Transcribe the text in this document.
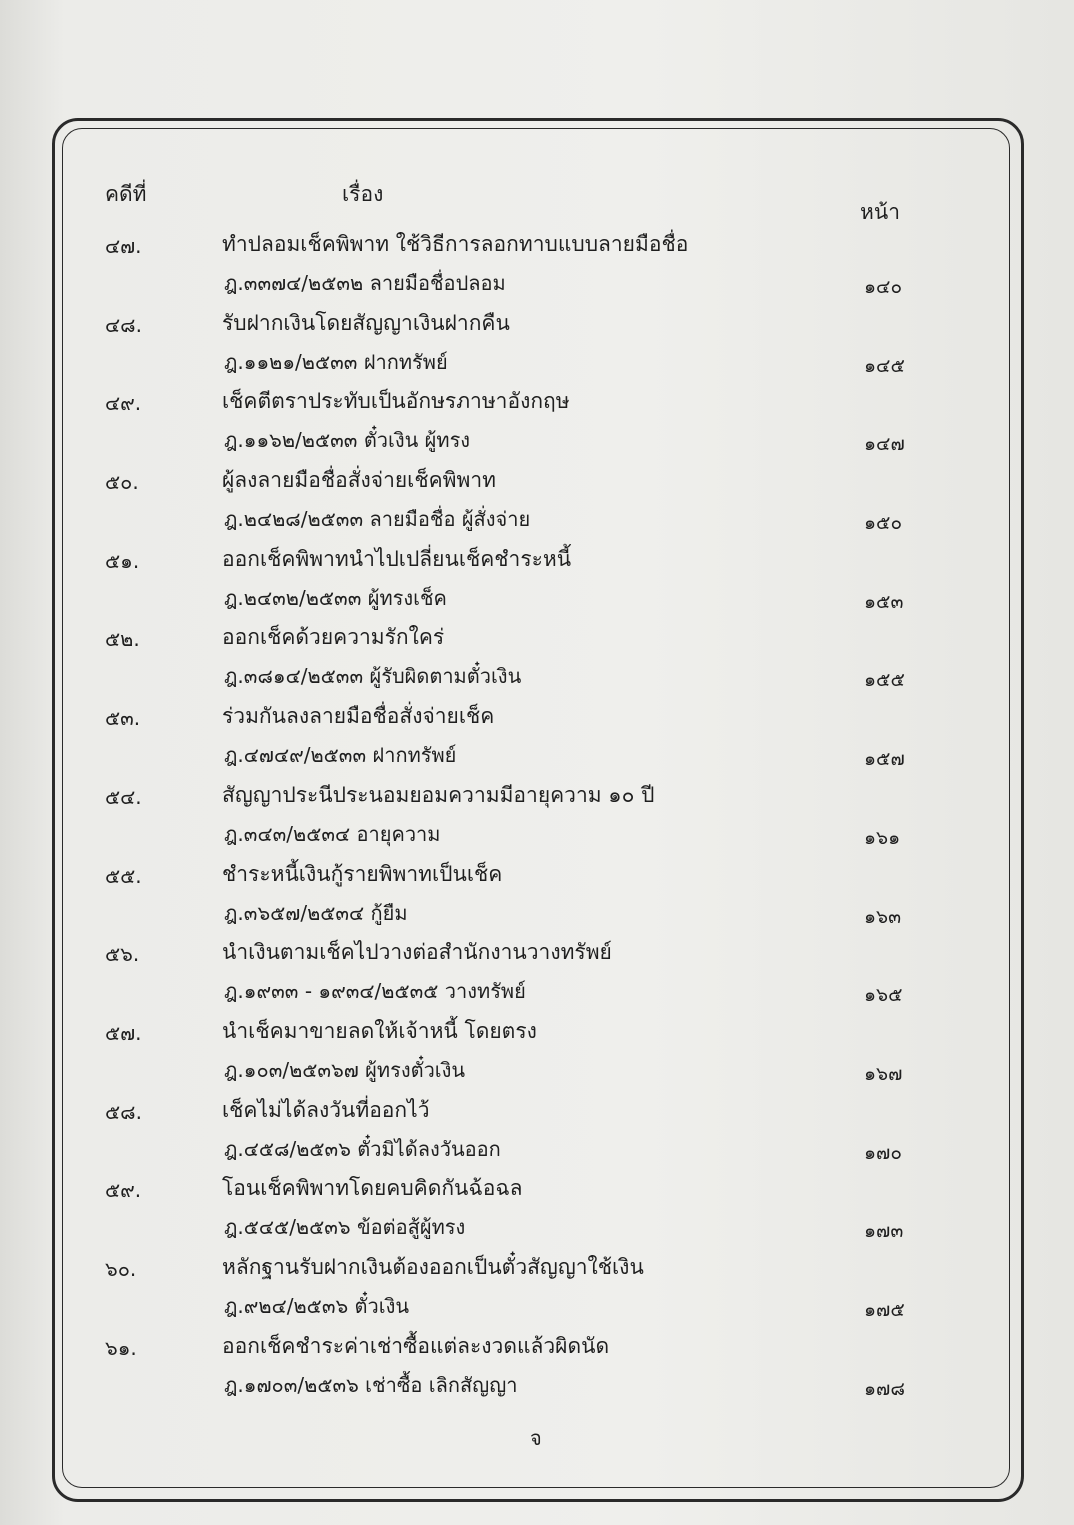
คดีที่	เรื่อง
หน้า
๔๗.	ทำปลอมเช็คพิพาท ใช้วิธีการลอกทาบแบบลายมือชื่อ
ฎ.๓๓๗๔/๒๕๓๒ ลายมือชื่อปลอม	๑๔๐
๔๘.	รับฝากเงินโดยสัญญาเงินฝากคืน
ฎ.๑๑๒๑/๒๕๓๓ ฝากทรัพย์	๑๔๕
๔๙.	เช็คตีตราประทับเป็นอักษรภาษาอังกฤษ
ฎ.๑๑๖๒/๒๕๓๓ ตั๋วเงิน ผู้ทรง	๑๔๗
๕๐.	ผู้ลงลายมือชื่อสั่งจ่ายเช็คพิพาท
ฎ.๒๔๒๘/๒๕๓๓ ลายมือชื่อ ผู้สั่งจ่าย	๑๕๐
๕๑.	ออกเช็คพิพาทนำไปเปลี่ยนเช็คชำระหนี้
ฎ.๒๔๓๒/๒๕๓๓ ผู้ทรงเช็ค	๑๕๓
๕๒.	ออกเช็คด้วยความรักใคร่
ฎ.๓๘๑๔/๒๕๓๓ ผู้รับผิดตามตั๋วเงิน	๑๕๕
๕๓.	ร่วมกันลงลายมือชื่อสั่งจ่ายเช็ค
ฎ.๔๗๔๙/๒๕๓๓ ฝากทรัพย์	๑๕๗
๕๔.	สัญญาประนีประนอมยอมความมีอายุความ ๑๐ ปี
ฎ.๓๔๓/๒๕๓๔ อายุความ	๑๖๑
๕๕.	ชำระหนี้เงินกู้รายพิพาทเป็นเช็ค
ฎ.๓๖๕๗/๒๕๓๔ กู้ยืม	๑๖๓
๕๖.	นำเงินตามเช็คไปวางต่อสำนักงานวางทรัพย์
ฎ.๑๙๓๓ - ๑๙๓๔/๒๕๓๕ วางทรัพย์	๑๖๕
๕๗.	นำเช็คมาขายลดให้เจ้าหนี้ โดยตรง
ฎ.๑๐๓/๒๕๓๖๗ ผู้ทรงตั๋วเงิน	๑๖๗
๕๘.	เช็คไม่ได้ลงวันที่ออกไว้
ฎ.๔๕๘/๒๕๓๖ ตั๋วมิได้ลงวันออก	๑๗๐
๕๙.	โอนเช็คพิพาทโดยคบคิดกันฉ้อฉล
ฎ.๕๔๕/๒๕๓๖ ข้อต่อสู้ผู้ทรง	๑๗๓
๖๐.	หลักฐานรับฝากเงินต้องออกเป็นตั๋วสัญญาใช้เงิน
ฎ.๙๒๔/๒๕๓๖ ตั๋วเงิน	๑๗๕
๖๑.	ออกเช็คชำระค่าเช่าซื้อแต่ละงวดแล้วผิดนัด
ฎ.๑๗๐๓/๒๕๓๖ เช่าซื้อ เลิกสัญญา	๑๗๘
จ
